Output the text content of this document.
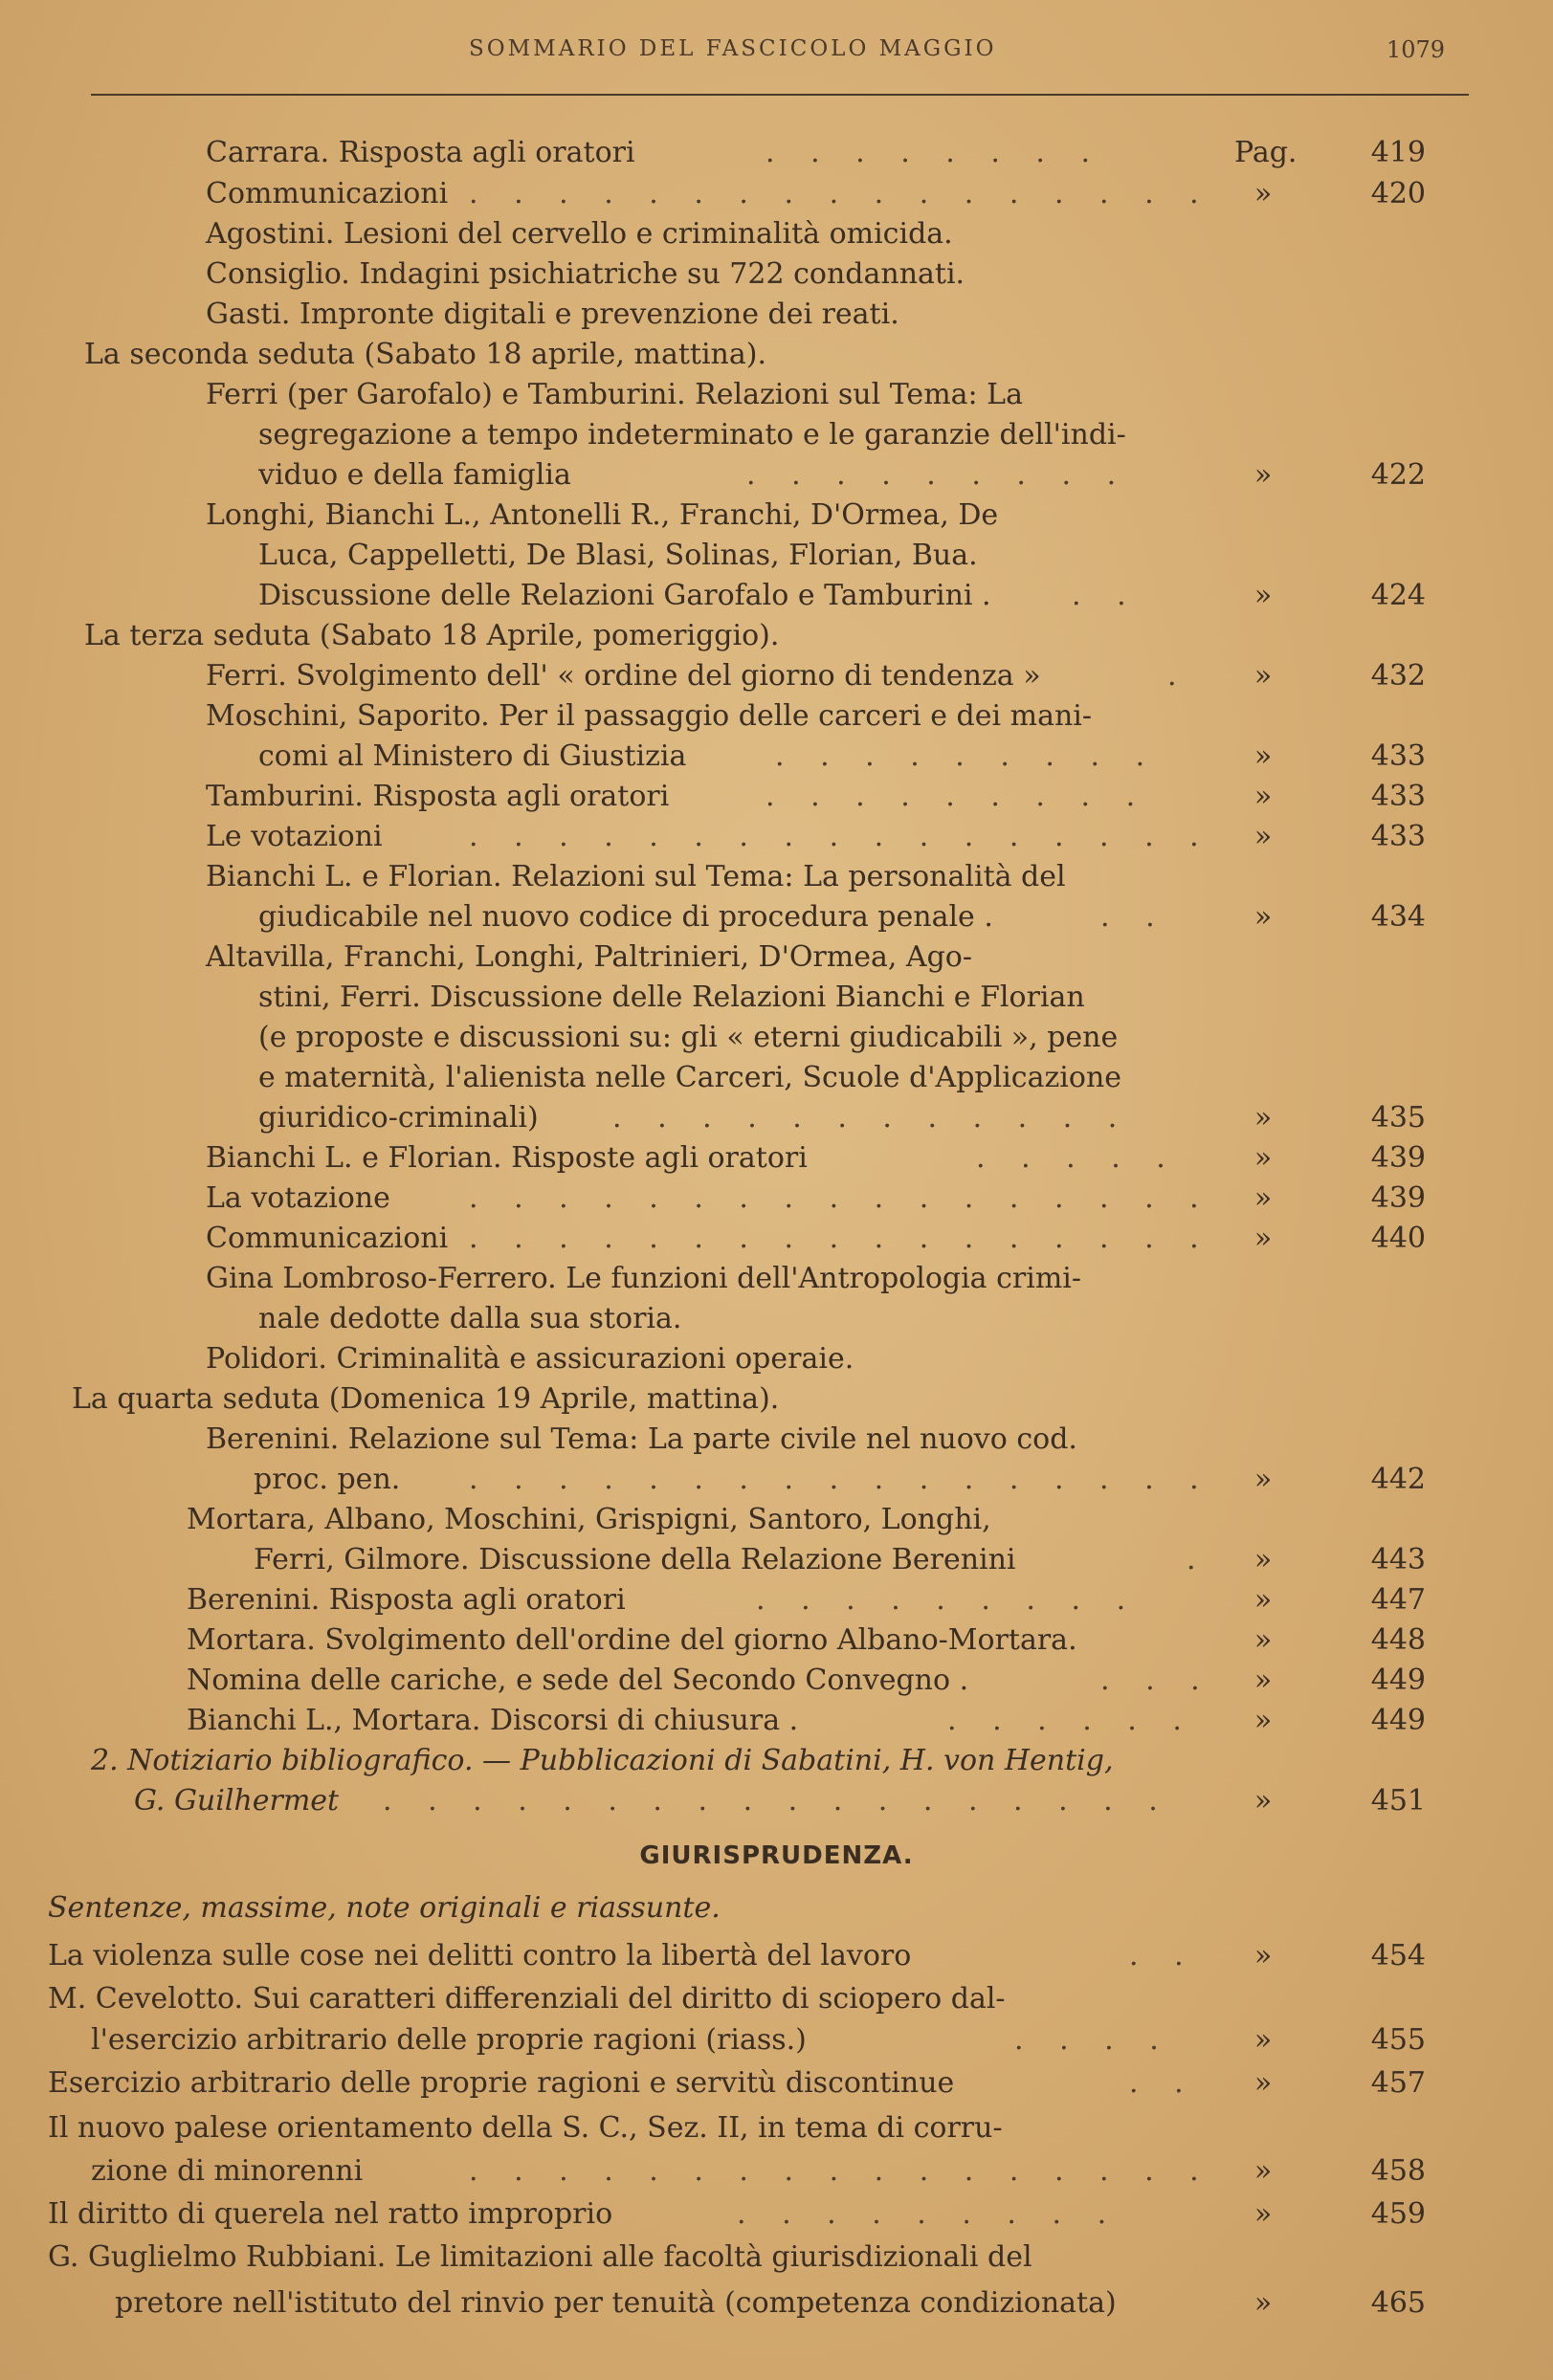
SOMMARIO DEL FASCICOLO MAGGIO	1079
Carrara. Risposta agli oratori	. . . . . . . .	Pag.	419
Communicazioni . . . . . . . . . . . . . . . . .	»	420
Agostini. Lesioni del cervello e criminalità omicida.
Consiglio. Indagini psichiatriche su 722 condannati.
Gasti. Impronte digitali e prevenzione dei reati.
La seconda seduta (Sabato 18 aprile, mattina).
Ferri (per Garofalo) e Tamburini. Relazioni sul Tema: La
segregazione a tempo indeterminato e le garanzie dell'indi-
viduo e della famiglia	. . . . . . . . .	»	422
Longhi, Bianchi L., Antonelli R., Franchi, D'Ormea, De
Luca, Cappelletti, De Blasi, Solinas, Florian, Bua.
Discussione delle Relazioni Garofalo e Tamburini .	. .	»	424
La terza seduta (Sabato 18 Aprile, pomeriggio).
Ferri. Svolgimento dell' « ordine del giorno di tendenza »	.	»	432
Moschini, Saporito. Per il passaggio delle carceri e dei mani-
comi al Ministero di Giustizia	. . . . . . . . .	»	433
Tamburini. Risposta agli oratori	. . . . . . . . .	»	433
Le votazioni	. . . . . . . . . . . . . . . . .	»	433
Bianchi L. e Florian. Relazioni sul Tema: La personalità del
giudicabile nel nuovo codice di procedura penale .	. .	»	434
Altavilla, Franchi, Longhi, Paltrinieri, D'Ormea, Ago-
stini, Ferri. Discussione delle Relazioni Bianchi e Florian
(e proposte e discussioni su: gli « eterni giudicabili », pene
e maternità, l'alienista nelle Carceri, Scuole d'Applicazione
giuridico-criminali)	. . . . . . . . . . . .	»	435
Bianchi L. e Florian. Risposte agli oratori	. . . . .	»	439
La votazione	. . . . . . . . . . . . . . . . .	»	439
Communicazioni . . . . . . . . . . . . . . . . .	»	440
Gina Lombroso-Ferrero. Le funzioni dell'Antropologia crimi-
nale dedotte dalla sua storia.
Polidori. Criminalità e assicurazioni operaie.
La quarta seduta (Domenica 19 Aprile, mattina).
Berenini. Relazione sul Tema: La parte civile nel nuovo cod.
proc. pen. . . . . . . . . . . . . . . . . .	»	442
Mortara, Albano, Moschini, Grispigni, Santoro, Longhi,
Ferri, Gilmore. Discussione della Relazione Berenini	.	»	443
Berenini. Risposta agli oratori	. . . . . . . . .	»	447
Mortara. Svolgimento dell'ordine del giorno Albano-Mortara.	»	448
Nomina delle cariche, e sede del Secondo Convegno .	. . .	»	449
Bianchi L., Mortara. Discorsi di chiusura .	. . . . . .	»	449
2. Notiziario bibliografico. — Pubblicazioni di Sabatini, H. von Hentig,
G. Guilhermet . . . . . . . . . . . . . . . . . .	»	451
GIURISPRUDENZA.
Sentenze, massime, note originali e riassunte.
La violenza sulle cose nei delitti contro la libertà del lavoro	. .	»	454
M. Cevelotto. Sui caratteri differenziali del diritto di sciopero dal-
l'esercizio arbitrario delle proprie ragioni (riass.)	. . . .	»	455
Esercizio arbitrario delle proprie ragioni e servitù discontinue	. .	»	457
Il nuovo palese orientamento della S. C., Sez. II, in tema di corru-
zione di minorenni	. . . . . . . . . . . . . . . . .	»	458
Il diritto di querela nel ratto improprio	. . . . . . . . .	»	459
G. Guglielmo Rubbiani. Le limitazioni alle facoltà giurisdizionali del
pretore nell'istituto del rinvio per tenuità (competenza condizionata)	»	465
